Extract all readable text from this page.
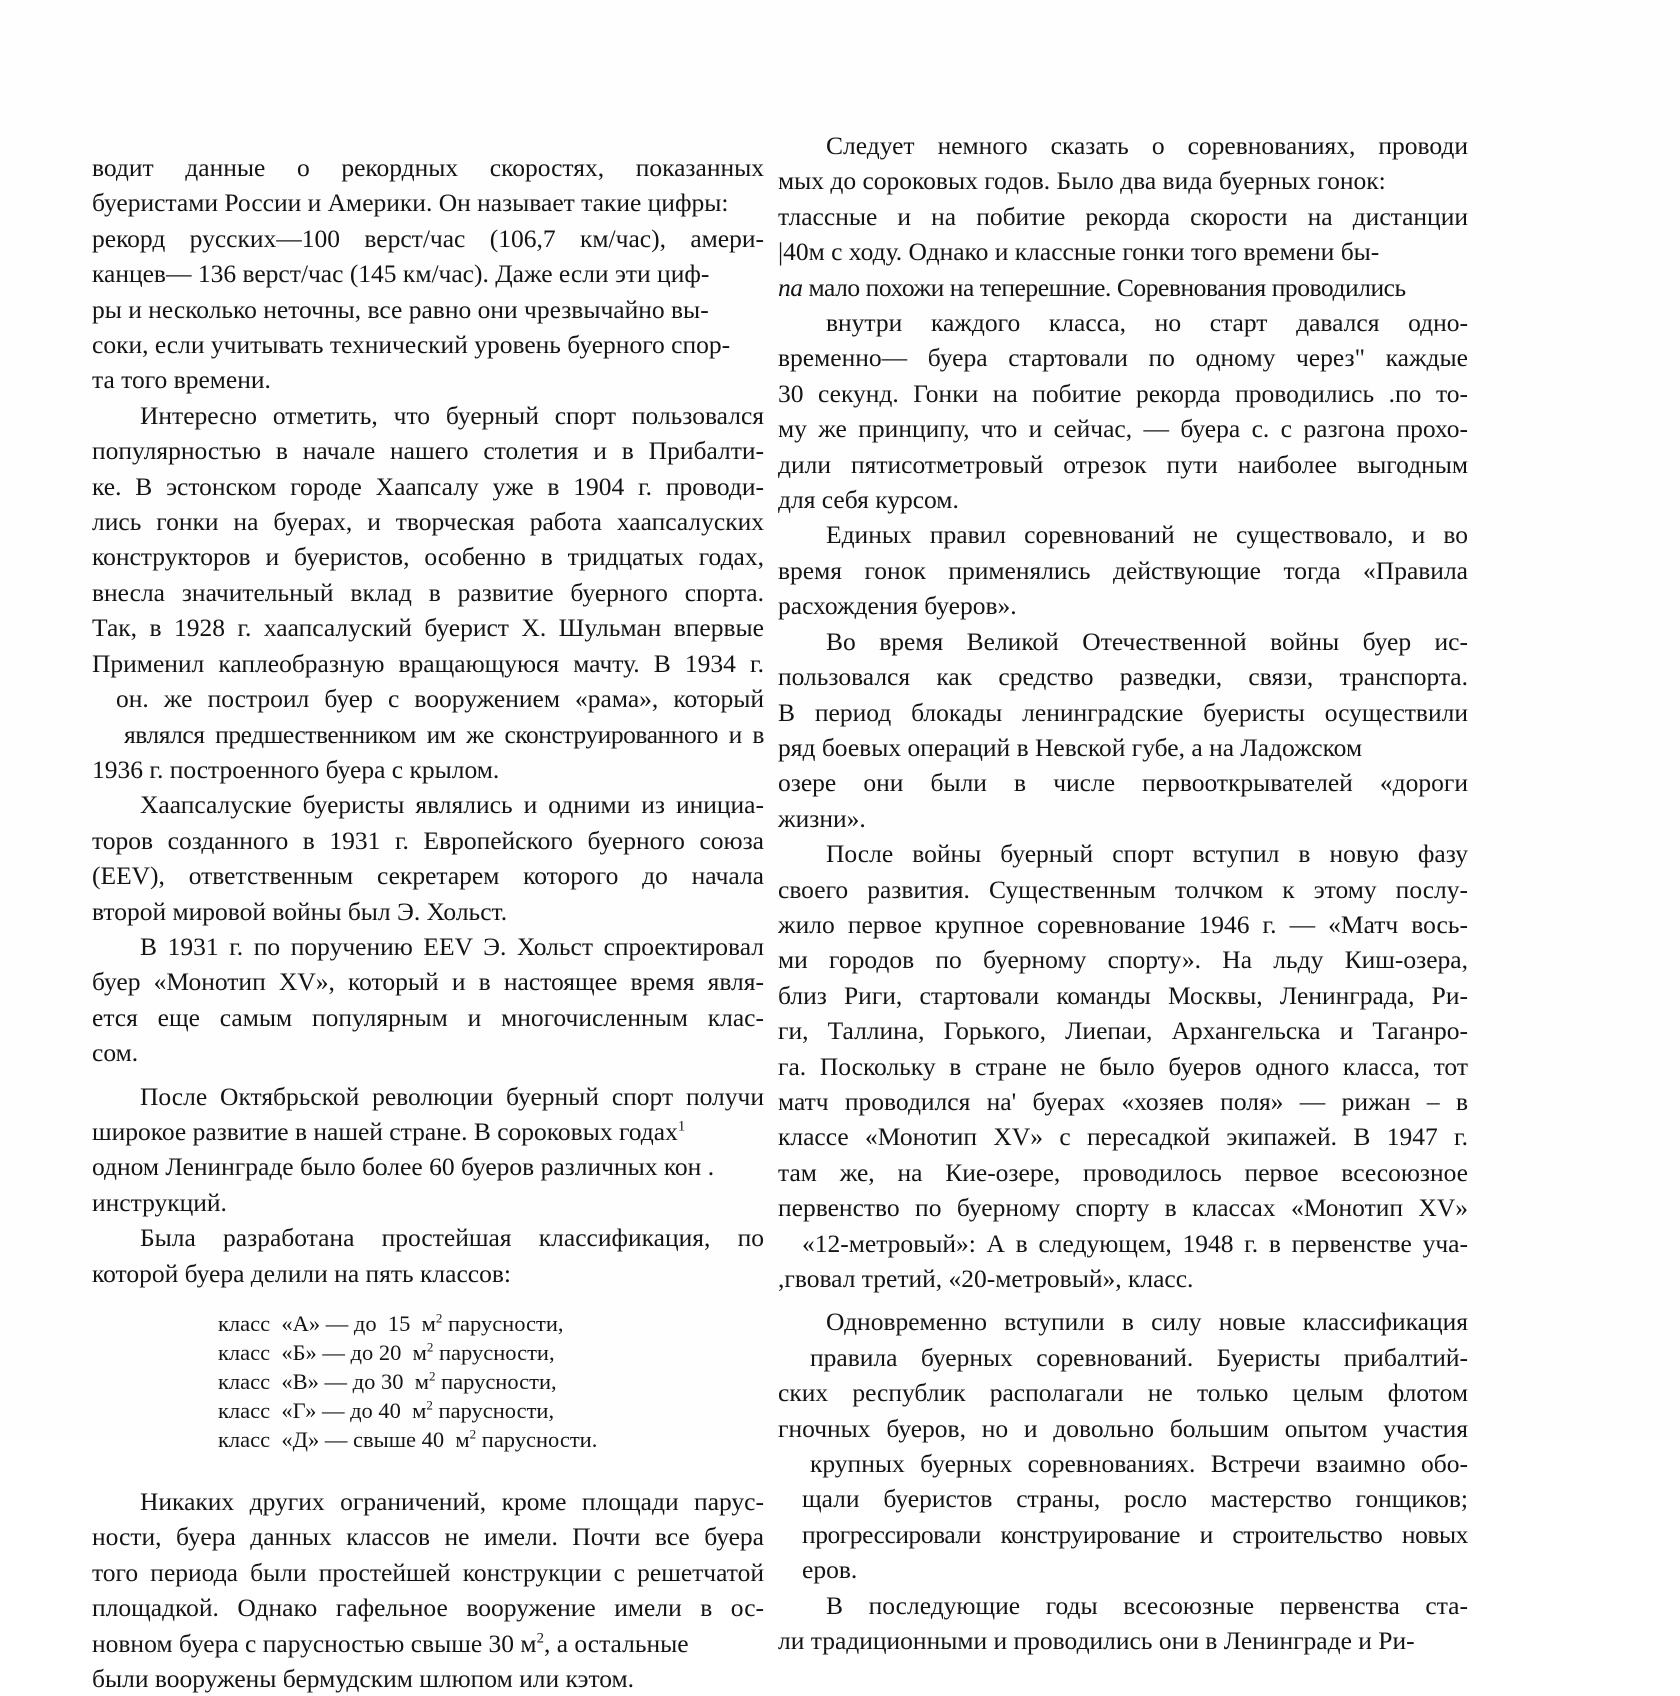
водит данные о рекордных скоростях, показанных
буеристами России и Америки. Он называет такие цифры:
рекорд русских—100 верст/час (106,7 км/час), амери-
канцев— 136 верст/час (145 км/час). Даже если эти циф-
ры и несколько неточны, все равно они чрезвычайно вы-
соки, если учитывать технический уровень буерного спор-
та того времени.
Интересно отметить, что буерный спорт пользовался
популярностью в начале нашего столетия и в Прибалти-
ке. В эстонском городе Хаапсалу уже в 1904 г. проводи-
лись гонки на буерах, и творческая работа хаапсалуских
конструкторов и буеристов, особенно в тридцатых годах,
внесла значительный вклад в развитие буерного спорта.
Так, в 1928 г. хаапсалуский буерист Х. Шульман впервые
Применил каплеобразную вращающуюся мачту. В 1934 г.
он. же построил буер с вооружением «рама», который
являлся предшественником им же сконструированного и в
1936 г. построенного буера с крылом.
Хаапсалуские буеристы являлись и одними из инициа-
торов созданного в 1931 г. Европейского буерного союза
(EEV), ответственным секретарем которого до начала
второй мировой войны был Э. Хольст.
В 1931 г. по поручению EEV Э. Хольст спроектировал
буер «Монотип XV», который и в настоящее время явля-
ется еще самым популярным и многочисленным клас-
сом.
После Октябрьской революции буерный спорт получи
широкое развитие в нашей стране. В сороковых годах$^1$
одном Ленинграде было более 60 буеров различных кон .
инструкций.
Была разработана простейшая классификация, по
которой буера делили на пять классов:
класс  «А» — до  15  $м^2$ парусности,
класс  «Б» — до 20  $м^2$ парусности,
класс  «В» — до 30  $м^2$ парусности,
класс  «Г» — до 40  $м^2$ парусности,
класс  «Д» — свыше 40  $м^2$ парусности.
Никаких других ограничений, кроме площади парус-
ности, буера данных классов не имели. Почти все буера
того периода были простейшей конструкции с решетчатой
площадкой. Однако гафельное вооружение имели в ос-
новном буера с парусностью свыше 30 $м^2$, а остальные
были вооружены бермудским шлюпом или кэтом.
Следует немного сказать о соревнованиях, проводи
мых до сороковых годов. Было два вида буерных гонок:
тлассные и на побитие рекорда скорости на дистанции
|40м с ходу. Однако и классные гонки того времени бы-
па мало похожи на теперешние. Соревнования проводились
внутри каждого класса, но старт давался одно-
временно— буера стартовали по одному через" каждые
30 секунд. Гонки на побитие рекорда проводились .по то-
му же принципу, что и сейчас, — буера с. с разгона прохо-
дили пятисотметровый отрезок пути наиболее выгодным
для себя курсом.
Единых правил соревнований не существовало, и во
время гонок применялись действующие тогда «Правила
расхождения буеров».
Во время Великой Отечественной войны буер ис-
пользовался как средство разведки, связи, транспорта.
В период блокады ленинградские буеристы осуществили
ряд боевых операций в Невской губе, а на Ладожском
озере они были в числе первооткрывателей «дороги
жизни».
После войны буерный спорт вступил в новую фазу
своего развития. Существенным толчком к этому послу-
жило первое крупное соревнование 1946 г. — «Матч вось-
ми городов по буерному спорту». На льду Киш-озера,
близ Риги, стартовали команды Москвы, Ленинграда, Ри-
ги, Таллина, Горького, Лиепаи, Архангельска и Таганро-
га. Поскольку в стране не было буеров одного класса, тот
матч проводился на' буерах «хозяев поля» — рижан – в
классе «Монотип XV» с пересадкой экипажей. В 1947 г.
там же, на Кие-озере, проводилось первое всесоюзное
первенство по буерному спорту в классах «Монотип XV»
«12-метровый»: А в следующем, 1948 г. в первенстве уча-
,гвовал третий, «20-метровый», класс.
Одновременно вступили в силу новые классификация
правила буерных соревнований. Буеристы прибалтий-
ских республик располагали не только целым флотом
гночных буеров, но и довольно большим опытом участия
крупных буерных соревнованиях. Встречи взаимно обо-
щали буеристов страны, росло мастерство гонщиков;
прогрессировали конструирование и строительство новых
еров.
В последующие годы всесоюзные первенства ста-
ли традиционными и проводились они в Ленинграде и Ри-
